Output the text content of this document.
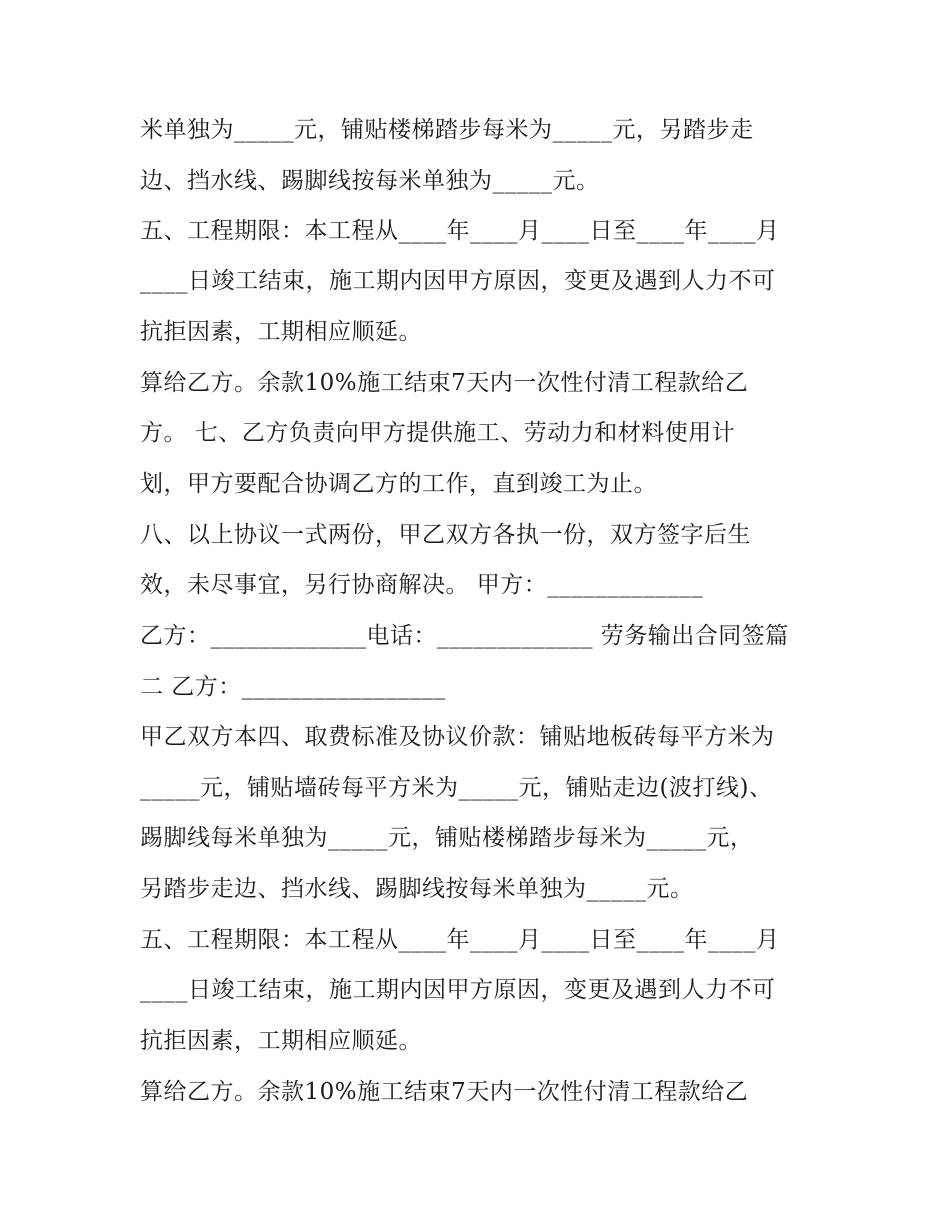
米单独为_____元，铺贴楼梯踏步每米为_____元，另踏步走
边、挡水线、踢脚线按每米单独为_____元。
五、工程期限：本工程从____年____月____日至____年____月
____日竣工结束，施工期内因甲方原因，变更及遇到人力不可
抗拒因素，工期相应顺延。
算给乙方。余款10%施工结束7天内一次性付清工程款给乙
方。 七、乙方负责向甲方提供施工、劳动力和材料使用计
划，甲方要配合协调乙方的工作，直到竣工为止。
八、以上协议一式两份，甲乙双方各执一份，双方签字后生
效，未尽事宜，另行协商解决。 甲方：_____________
乙方：_____________电话：_____________ 劳务输出合同签篇
二 乙方：_________________
甲乙双方本四、取费标准及协议价款：铺贴地板砖每平方米为
_____元，铺贴墙砖每平方米为_____元，铺贴走边(波打线)、
踢脚线每米单独为_____元，铺贴楼梯踏步每米为_____元，
另踏步走边、挡水线、踢脚线按每米单独为_____元。
五、工程期限：本工程从____年____月____日至____年____月
____日竣工结束，施工期内因甲方原因，变更及遇到人力不可
抗拒因素，工期相应顺延。
算给乙方。余款10%施工结束7天内一次性付清工程款给乙
